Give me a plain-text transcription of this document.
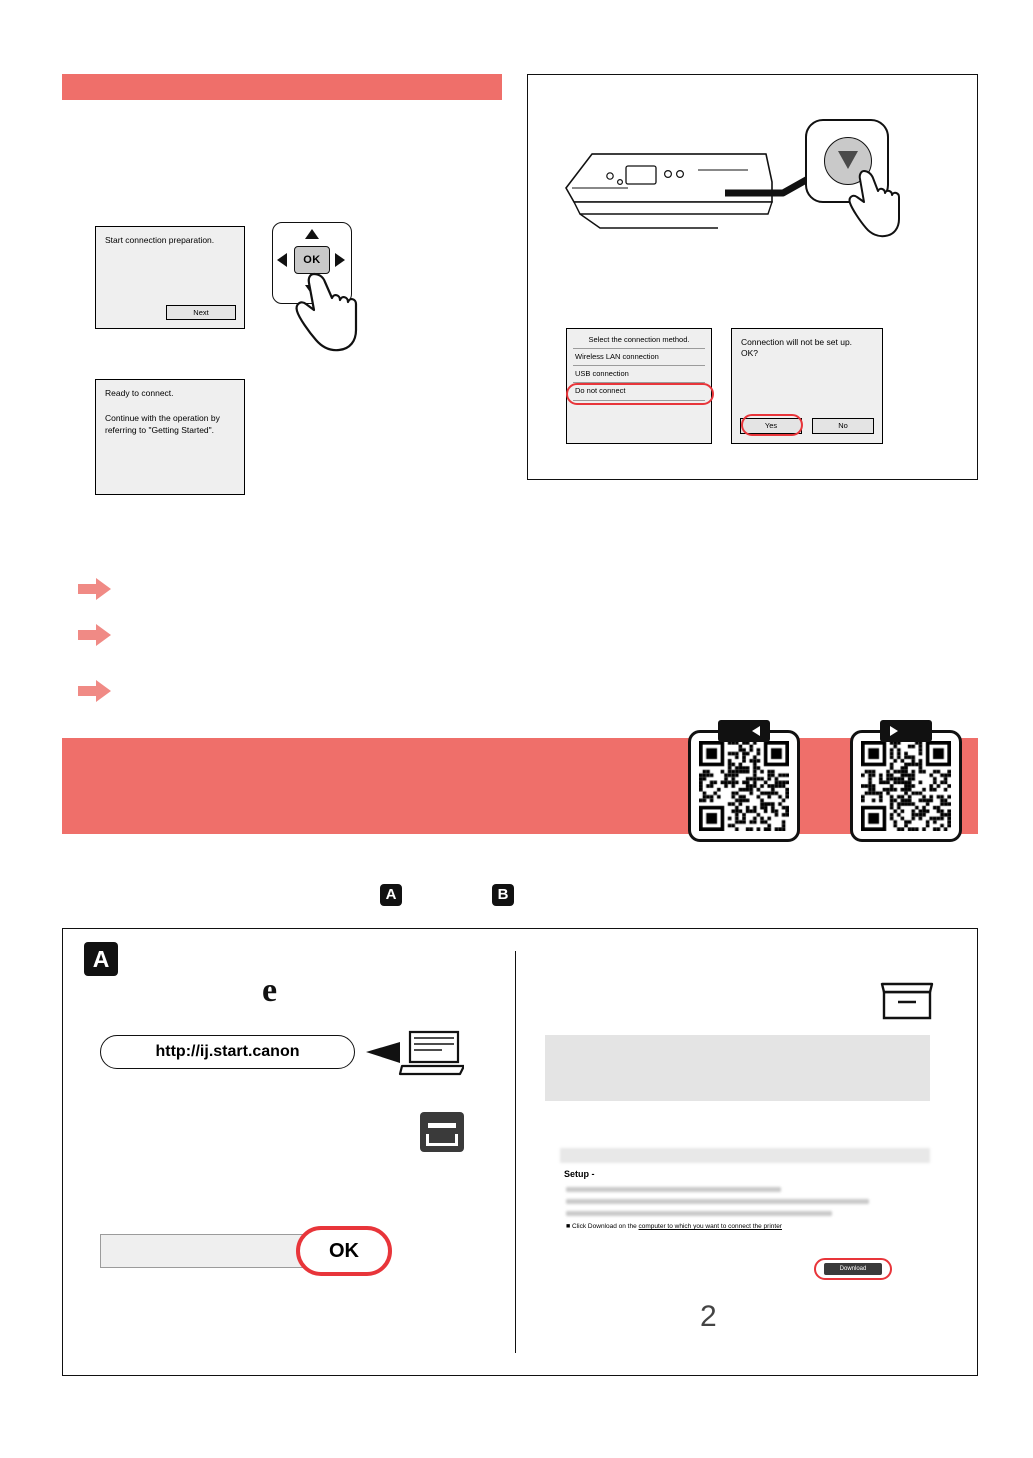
Start connection preparation.
Next
Ready to connect.
Continue with the operation by
referring to "Getting Started".
OK
Select the connection method.
Wireless LAN connection
USB connection
Do not connect
Connection will not be set up.
OK?
Yes	No
A	B
A
e
http://ij.start.canon
OK
Setup -
■ Click Download on the computer to which you want to connect the printer
Download
2
